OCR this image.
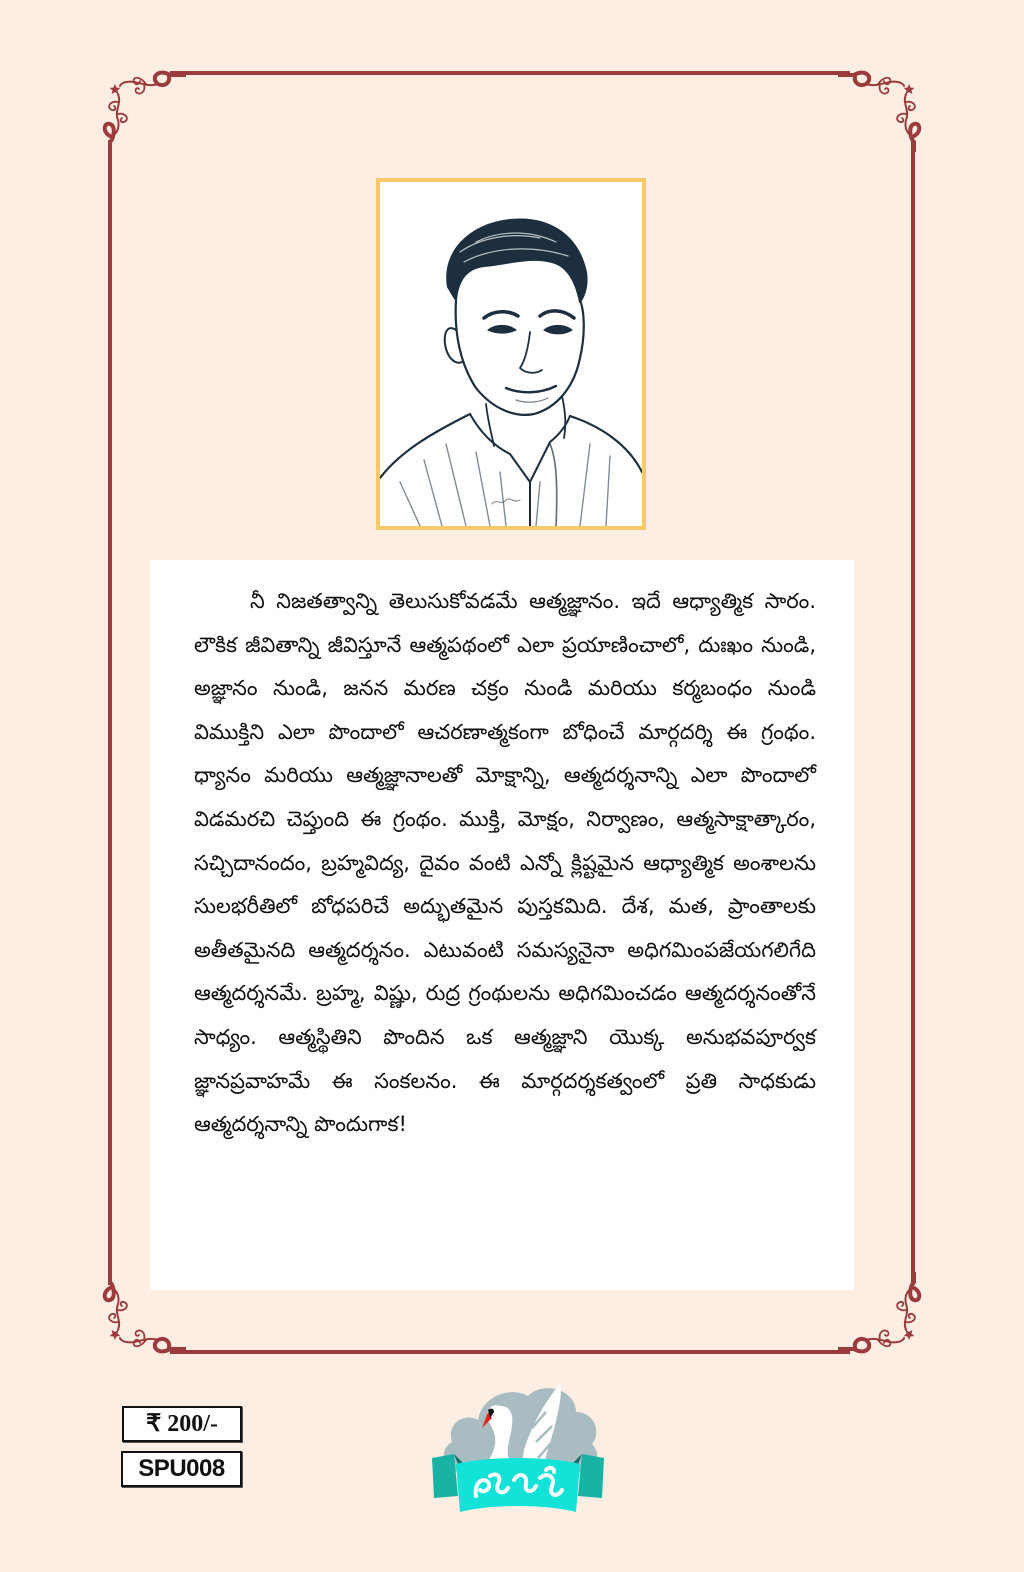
నీ నిజతత్వాన్ని తెలుసుకోవడమే ఆత్మజ్ఞానం. ఇదే ఆధ్యాత్మిక సారం. లౌకిక జీవితాన్ని జీవిస్తూనే ఆత్మపథంలో ఎలా ప్రయాణించాలో, దుఃఖం నుండి, అజ్ఞానం నుండి, జనన మరణ చక్రం నుండి మరియు కర్మబంధం నుండి విముక్తిని ఎలా పొందాలో ఆచరణాత్మకంగా బోధించే మార్గదర్శి ఈ గ్రంథం. ధ్యానం మరియు ఆత్మజ్ఞానాలతో మోక్షాన్ని, ఆత్మదర్శనాన్ని ఎలా పొందాలో విడమరచి చెప్తుంది ఈ గ్రంథం. ముక్తి, మోక్షం, నిర్వాణం, ఆత్మసాక్షాత్కారం, సచ్చిదానందం, బ్రహ్మవిద్య, దైవం వంటి ఎన్నో క్లిష్టమైన ఆధ్యాత్మిక అంశాలను సులభరీతిలో బోధపరిచే అద్భుతమైన పుస్తకమిది. దేశ, మత, ప్రాంతాలకు అతీతమైనది ఆత్మదర్శనం. ఎటువంటి సమస్యనైనా అధిగమింపజేయగలిగేది ఆత్మదర్శనమే. బ్రహ్మ, విష్ణు, రుద్ర గ్రంథులను అధిగమించడం ఆత్మదర్శనంతోనే సాధ్యం. ఆత్మస్థితిని పొందిన ఒక ఆత్మజ్ఞాని యొక్క అనుభవపూర్వక జ్ఞానప్రవాహమే ఈ సంకలనం. ఈ మార్గదర్శకత్వంలో ప్రతి సాధకుడు ఆత్మదర్శనాన్ని పొందుగాక!

₹ 200/-
SPU008
